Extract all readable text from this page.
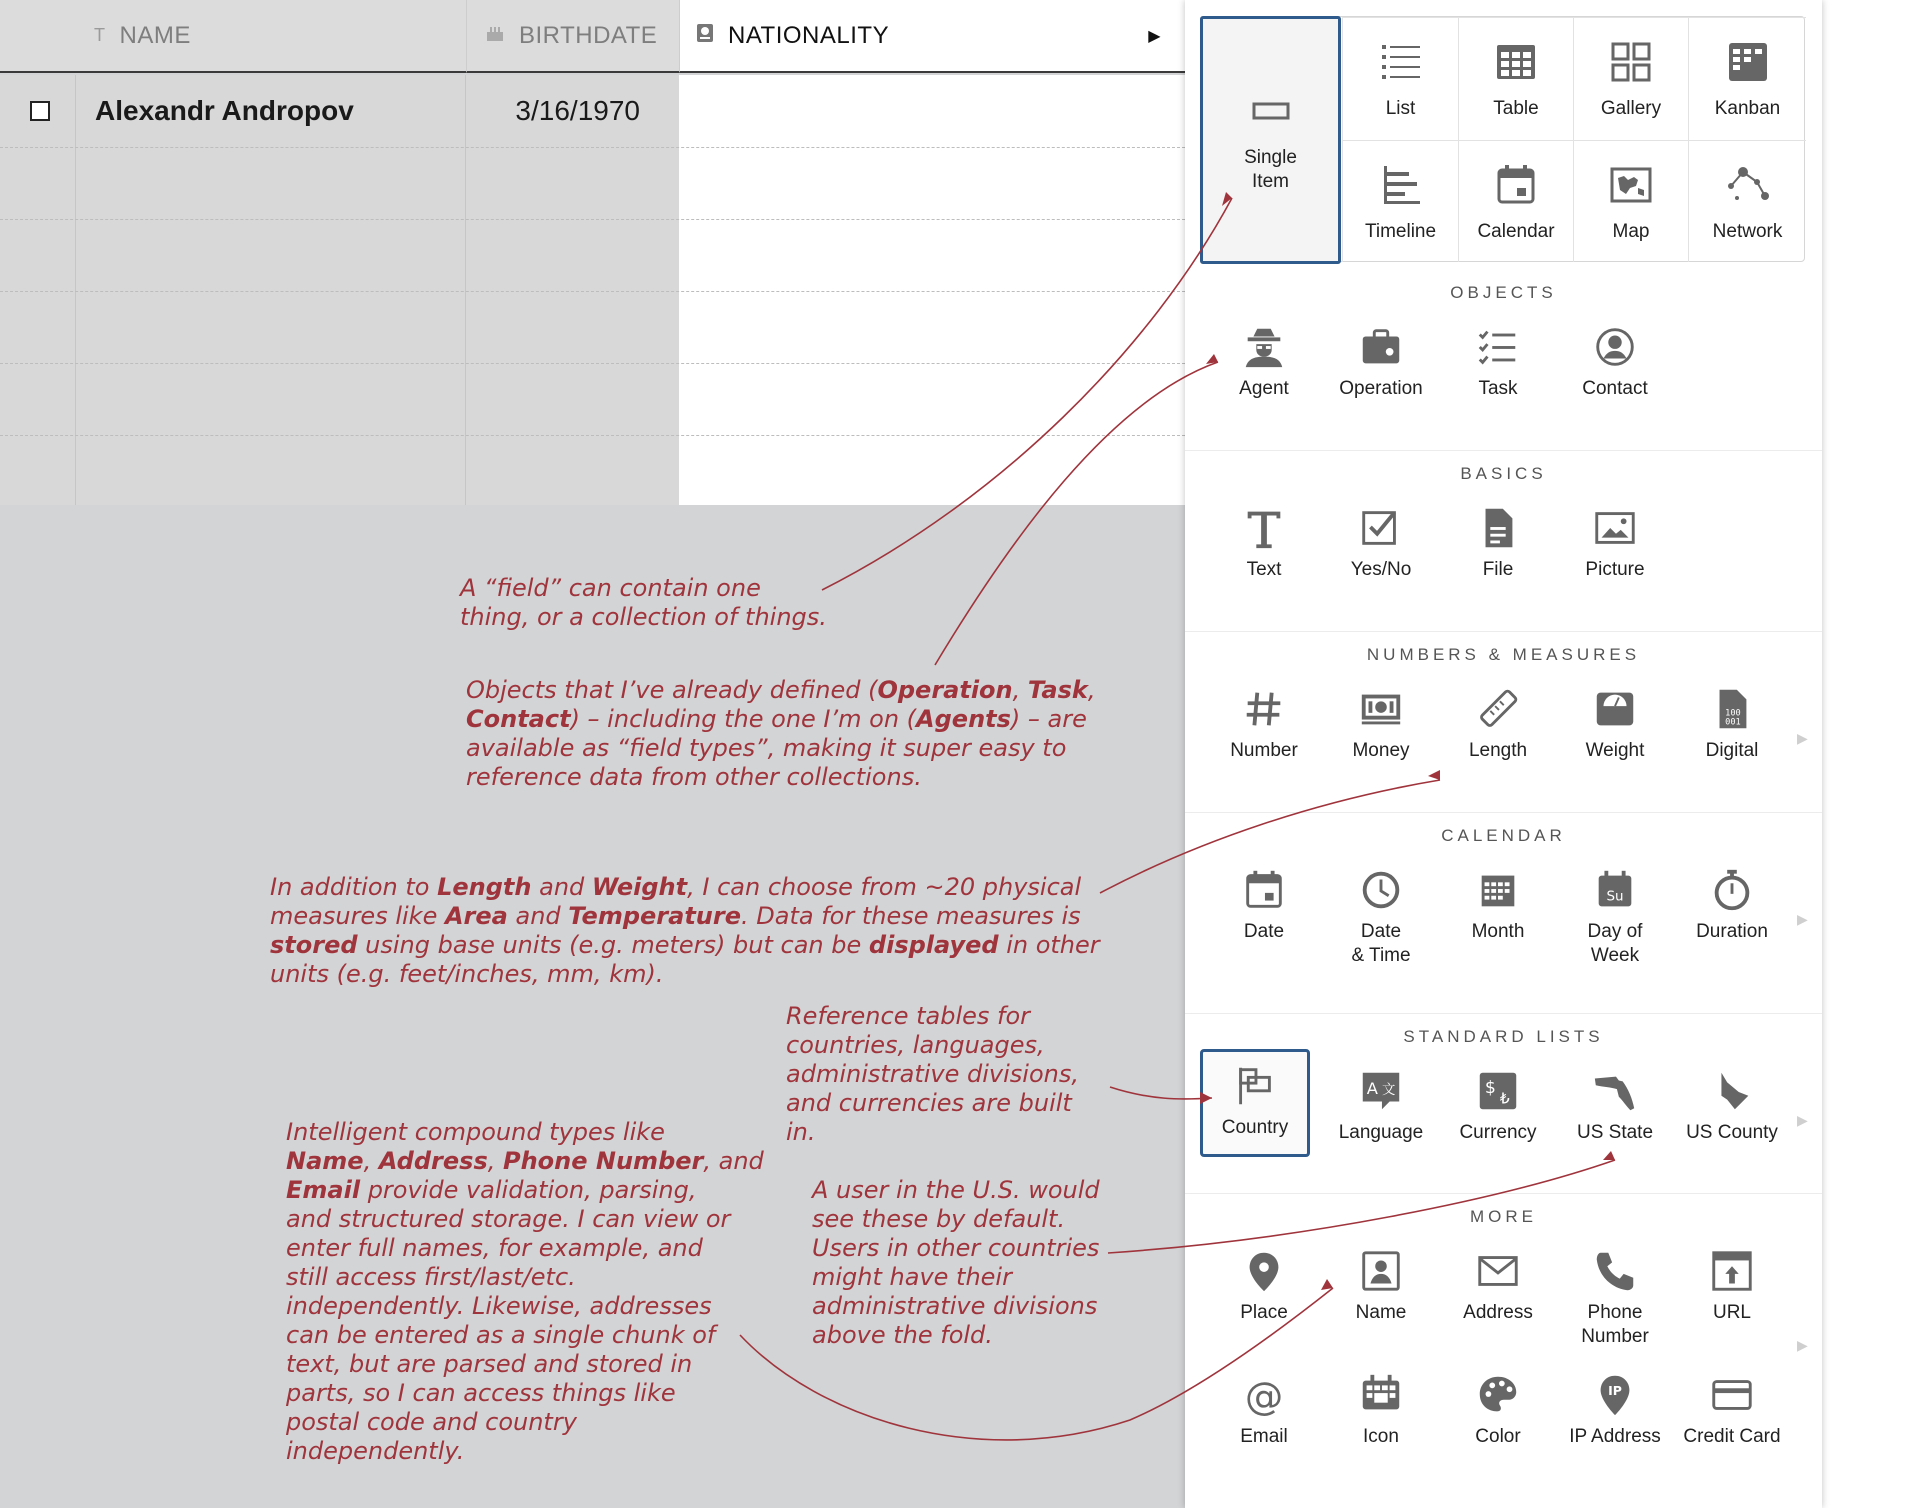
T NAME	BIRTHDATE	NATIONALITY	▶
Alexandr Andropov	3/16/1970
Single
Item
List	Table	Gallery	Kanban
Timeline Calendar	Map	Network
OBJECTS
Agent	Operation	Task	Contact
BASICS
Text	Yes/No	File	Picture
NUMBERS & MEASURES
Number	Money	Length	Weight
100
001
Digital
▶
CALENDAR
Date	Date
& Time
Month
Su
Day of
Week
Duration
▶
STANDARD LISTS
Country
A 文
Language
$
₺
Currency US State US County
▶
MORE
Place	Name	Address	Phone
Number
URL
@
Email	Icon	Color
IP
IP Address Credit Card
▶
A “field” can contain one
thing, or a collection of things.
Objects that I’ve already defined (Operation, Task,
Contact) – including the one I’m on (Agents) – are
available as “field types”, making it super easy to
reference data from other collections.
In addition to Length and Weight, I can choose from ~20 physical
measures like Area and Temperature. Data for these measures is
stored using base units (e.g. meters) but can be displayed in other
units (e.g. feet/inches, mm, km).
Reference tables for
countries, languages,
administrative divisions,
and currencies are built
in.
Intelligent compound types like
Name, Address, Phone Number, and
Email provide validation, parsing,
and structured storage. I can view or
enter full names, for example, and
still access first/last/etc.
independently. Likewise, addresses
can be entered as a single chunk of
text, but are parsed and stored in
parts, so I can access things like
postal code and country
independently.
A user in the U.S. would
see these by default.
Users in other countries
might have their
administrative divisions
above the fold.
